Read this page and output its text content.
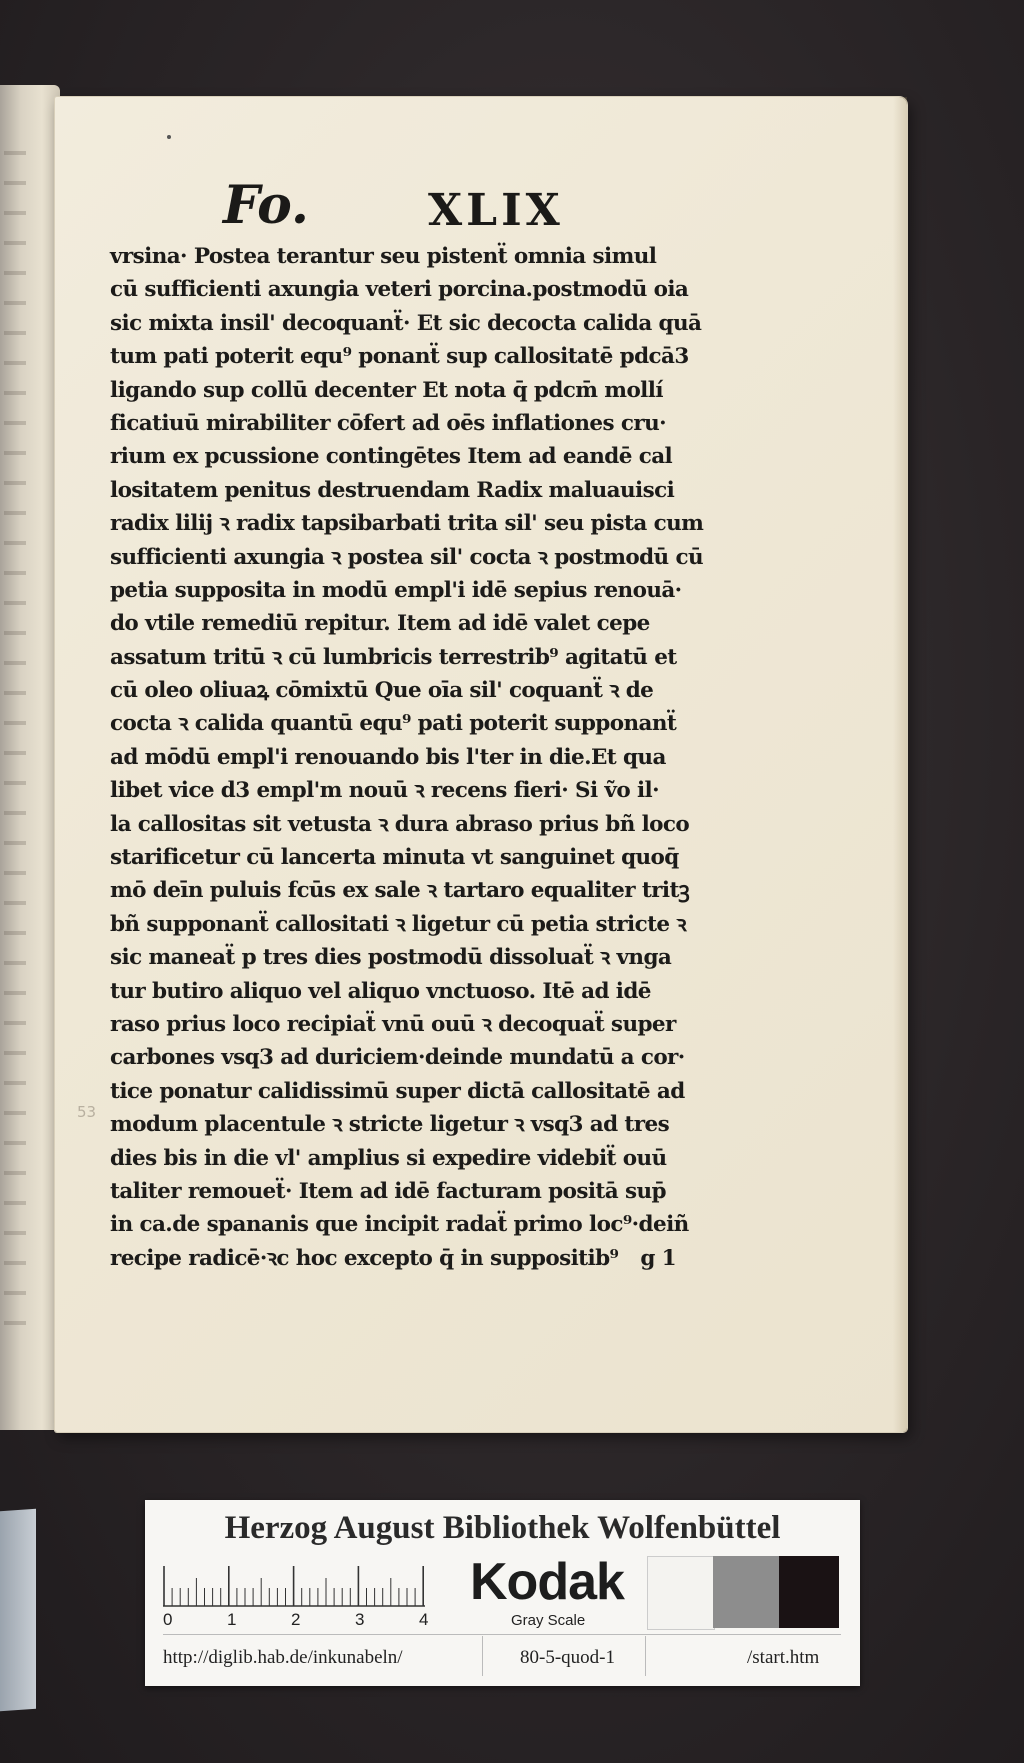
Fo.	XLIX
vrsina· Postea terantur seu pistenẗ omnia simul
cū sufficienti axungia veteri porcina.postmodū oia
sic mixta insil' decoquanẗ· Et sic decocta calida quā
tum pati poterit equ⁹ ponanẗ sup callositatē pdcā3
ligando sup collū decenter Et nota q̄ pdcm̄ mollí
ficatiuū mirabiliter cōfert ad oēs inflationes cru·
rium ex pcussione contingētes Item ad eandē cal
lositatem penitus destruendam Radix maluauisci
radix lilij ꝛ radix tapsibarbati trita sil' seu pista cum
sufficienti axungia ꝛ postea sil' cocta ꝛ postmodū cū
petia supposita in modū empl'i idē sepius renouā·
do vtile remediū repitur. Item ad idē valet cepe
assatum tritū ꝛ cū lumbricis terrestrib⁹ agitatū et
cū oleo oliuaꝝ cōmixtū Que oīa sil' coquanẗ ꝛ de
cocta ꝛ calida quantū equ⁹ pati poterit supponanẗ
ad mōdū empl'i renouando bis l'ter in die.Et qua
libet vice d3 empl'm nouū ꝛ recens fieri· Si ṽo il·
la callositas sit vetusta ꝛ dura abraso prius bñ loco
starificetur cū lancerta minuta vt sanguinet quoq̄
mō deīn puluis fcūs ex sale ꝛ tartaro equaliter tritꝫ
bñ supponanẗ callositati ꝛ ligetur cū petia stricte ꝛ
sic maneaẗ p tres dies postmodū dissoluaẗ ꝛ vnga
tur butiro aliquo vel aliquo vnctuoso. Itē ad idē
raso prius loco recipiaẗ vnū ouū ꝛ decoquaẗ super
carbones vsq3 ad duriciem·deinde mundatū a cor·
tice ponatur calidissimū super dictā callositatē ad
modum placentule ꝛ stricte ligetur ꝛ vsq3 ad tres
dies bis in die vl' amplius si expedire videbiẗ ouū
taliter remoueẗ· Item ad idē facturam positā sup̄
in ca.de spananis que incipit radaẗ primo loc⁹·deiñ
recipe radicē·ꝛc hoc excepto q̄ in suppositib⁹ g 1
53
Herzog August Bibliothek Wolfenbüttel
0	1	2	3	4
Kodak
Gray Scale
http://diglib.hab.de/inkunabeln/	80-5-quod-1	/start.htm
